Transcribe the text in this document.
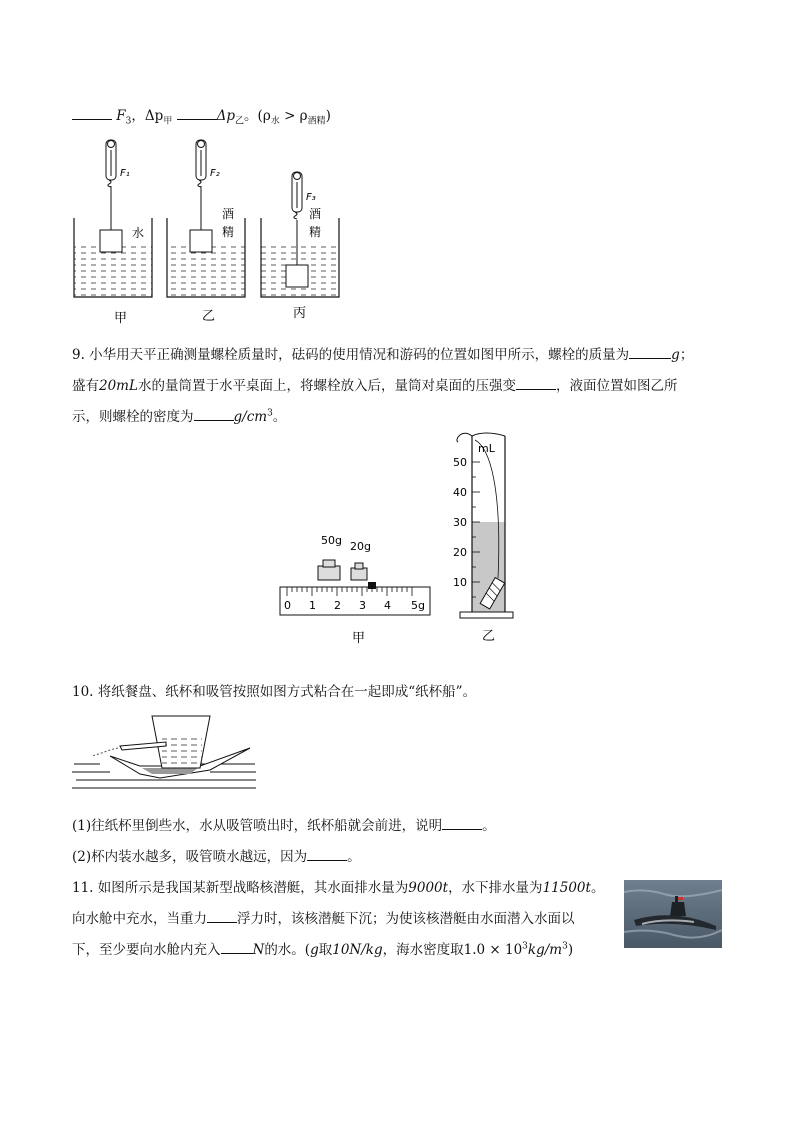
$F_3$，$\Delta p_甲$	$\Delta p_乙$。$(\rho_水 > \rho_{酒精})$
F₁
水
F₂
酒
精
F₃
酒
精
甲	乙	丙
9. 小华用天平正确测量螺栓质量时，砝码的使用情况和游码的位置如图甲所示，螺栓的质量为	g；
盛有20mL水的量筒置于水平桌面上，将螺栓放入后，量筒对桌面的压强变	，液面位置如图乙所
示，则螺栓的密度为	$g/cm^3$。
50g 20g
0 1 2 3 4 5g
甲
mL
50
40
30
20
10
乙
10. 将纸餐盘、纸杯和吸管按照如图方式粘合在一起即成“纸杯船”。
(1)往纸杯里倒些水，水从吸管喷出时，纸杯船就会前进，说明	。
(2)杯内装水越多，吸管喷水越远，因为	。
11. 如图所示是我国某新型战略核潜艇，其水面排水量为9000t，水下排水量为11500t。
向水舱中充水，当重力 浮力时，该核潜艇下沉；为使该核潜艇由水面潜入水面以
下，至少要向水舱内充入 N的水。(g取10N/kg，海水密度取$1.0 \times 10^3kg/m^3$)
